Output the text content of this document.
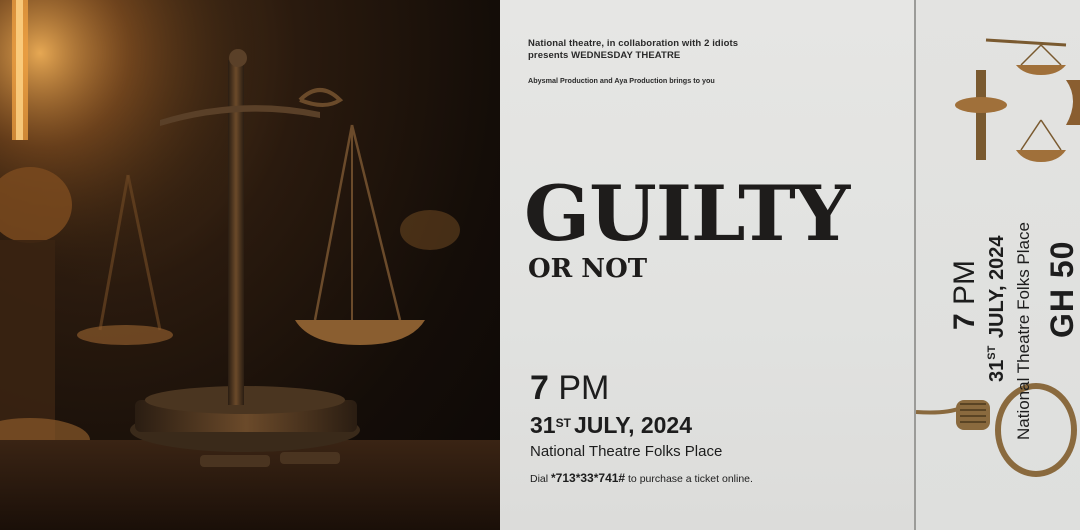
National theatre, in collaboration with 2 idiots
presents WEDNESDAY THEATRE
Abysmal Production and Aya Production brings to you
GUILTY
OR NOT
7 PM
31ST JULY, 2024
National Theatre Folks Place
Dial *713*33*741# to purchase a ticket online.
7 PM
31ST JULY, 2024 National Theatre Folks Place GH 50
